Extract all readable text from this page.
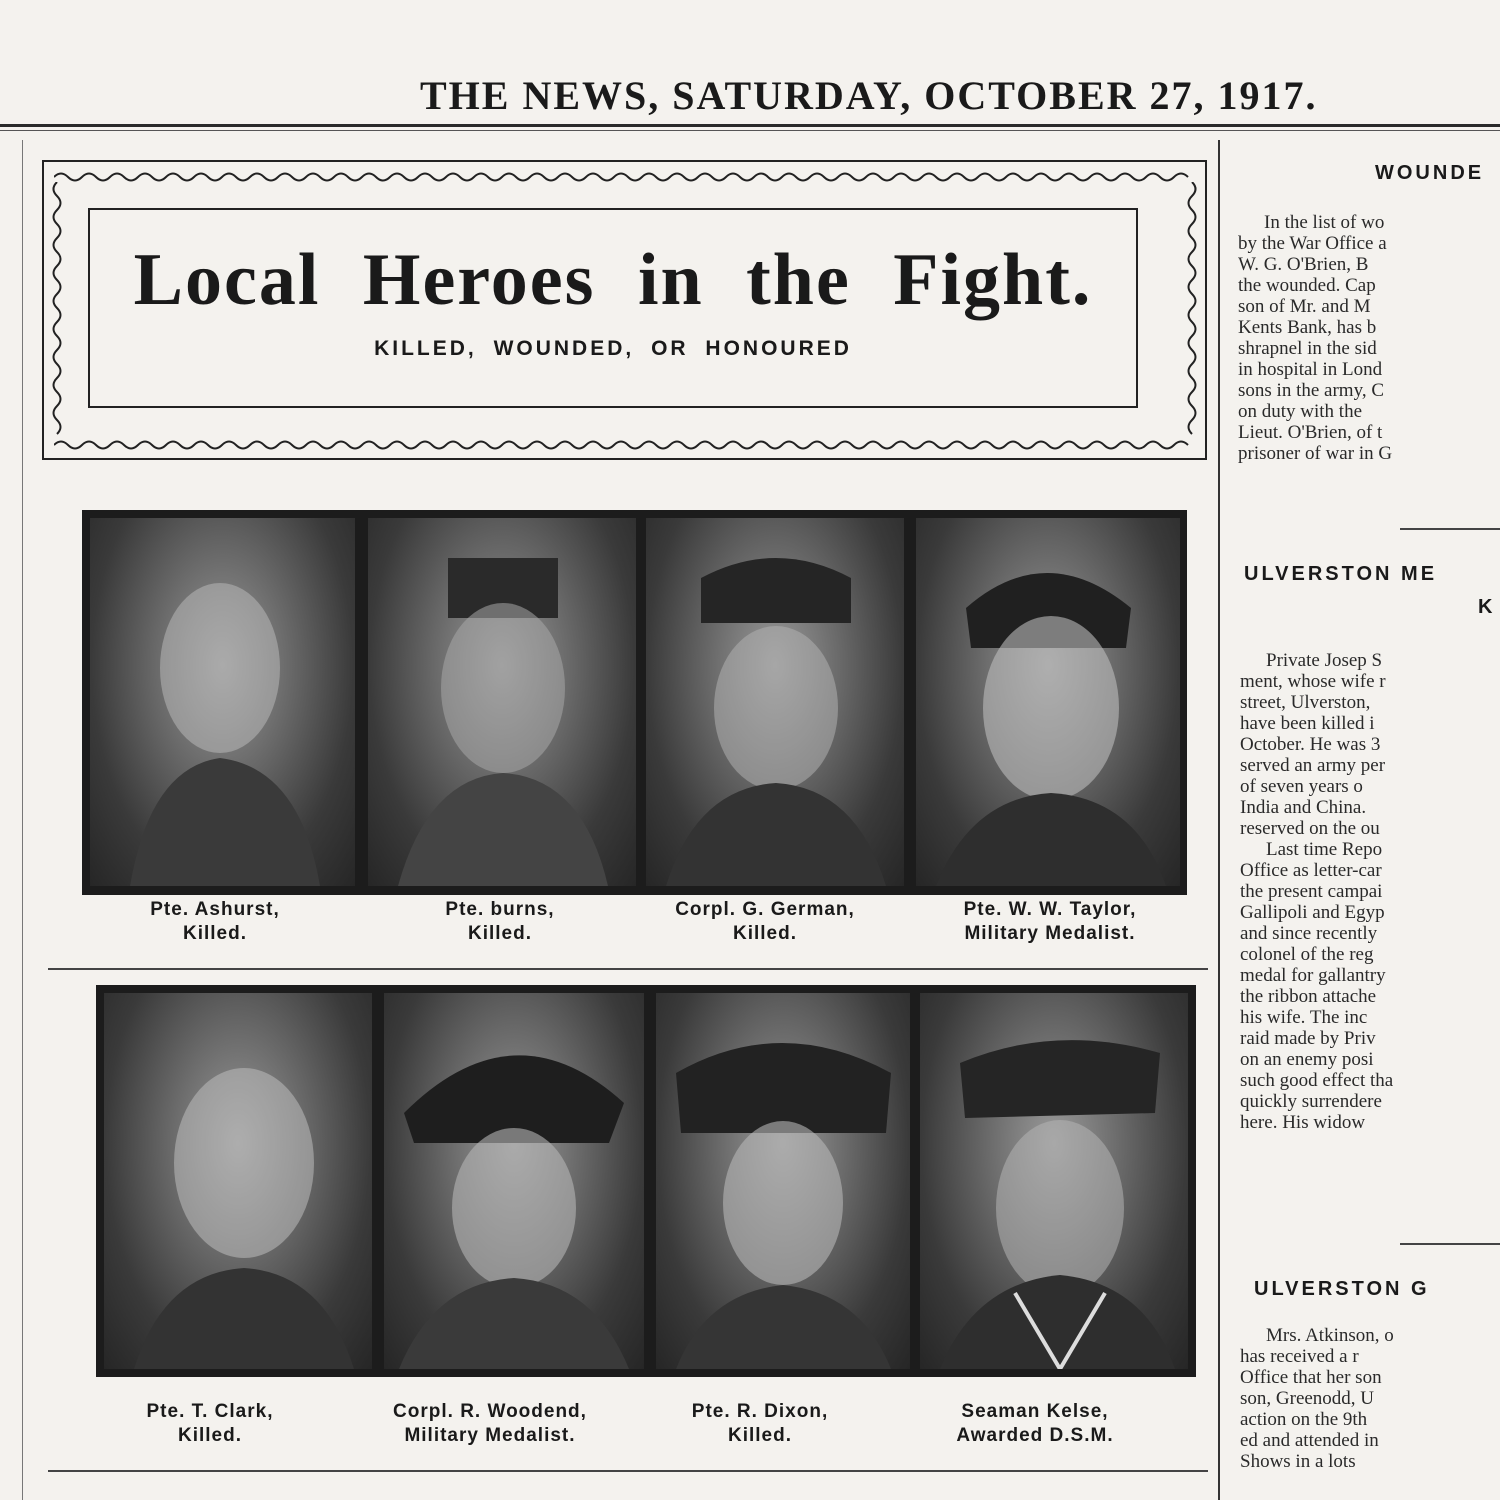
THE NEWS, SATURDAY, OCTOBER 27, 1917.
Local Heroes in the Fight.
KILLED, WOUNDED, OR HONOURED
Pte. Ashurst,
Killed.
Pte. burns,
Killed.
Corpl. G. German,
Killed.
Pte. W. W. Taylor,
Military Medalist.
Pte. T. Clark,
Killed.
Corpl. R. Woodend,
Military Medalist.
Pte. R. Dixon,
Killed.
Seaman Kelse,
Awarded D.S.M.
WOUNDE
In the list of wo
by the War Office a
W. G. O'Brien, B
the wounded. Cap
son of Mr. and M
Kents Bank, has b
shrapnel in the sid
in hospital in Lond
sons in the army, C
on duty with the
Lieut. O'Brien, of t
prisoner of war in G
ULVERSTON ME
K
Private Josep S
ment, whose wife r
street, Ulverston,
have been killed i
October. He was 3
served an army per
of seven years o
India and China.
reserved on the ou
Last time Repo
Office as letter-car
the present campai
Gallipoli and Egyp
and since recently
colonel of the reg
medal for gallantry
the ribbon attache
his wife. The inc
raid made by Priv
on an enemy posi
such good effect tha
quickly surrendere
here. His widow
ULVERSTON G
Mrs. Atkinson, o
has received a r
Office that her son
son, Greenodd, U
action on the 9th
ed and attended in
Shows in a lots
